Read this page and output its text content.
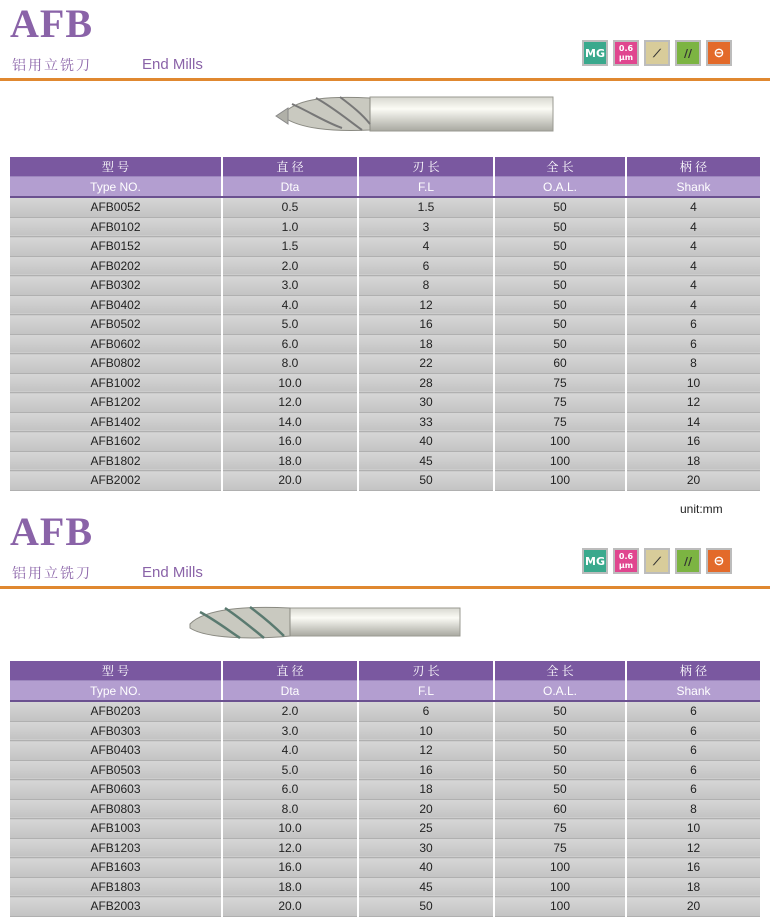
AFB
铝用立铣刀	End Mills
MG	0.6
μm	⟋	∕∕	⊖
型 号	直 径	刃 长	全 长	柄 径
Type NO.	Dta	F.L	O.A.L.	Shank
AFB0052	0.5	1.5	50	4
AFB0102	1.0	3	50	4
AFB0152	1.5	4	50	4
AFB0202	2.0	6	50	4
AFB0302	3.0	8	50	4
AFB0402	4.0	12	50	4
AFB0502	5.0	16	50	6
AFB0602	6.0	18	50	6
AFB0802	8.0	22	60	8
AFB1002	10.0	28	75	10
AFB1202	12.0	30	75	12
AFB1402	14.0	33	75	14
AFB1602	16.0	40	100	16
AFB1802	18.0	45	100	18
AFB2002	20.0	50	100	20
unit:mm
AFB
铝用立铣刀	End Mills
MG	0.6
μm	⟋	∕∕	⊖
型 号	直 径	刃 长	全 长	柄 径
Type NO.	Dta	F.L	O.A.L.	Shank
AFB0203	2.0	6	50	6
AFB0303	3.0	10	50	6
AFB0403	4.0	12	50	6
AFB0503	5.0	16	50	6
AFB0603	6.0	18	50	6
AFB0803	8.0	20	60	8
AFB1003	10.0	25	75	10
AFB1203	12.0	30	75	12
AFB1603	16.0	40	100	16
AFB1803	18.0	45	100	18
AFB2003	20.0	50	100	20
